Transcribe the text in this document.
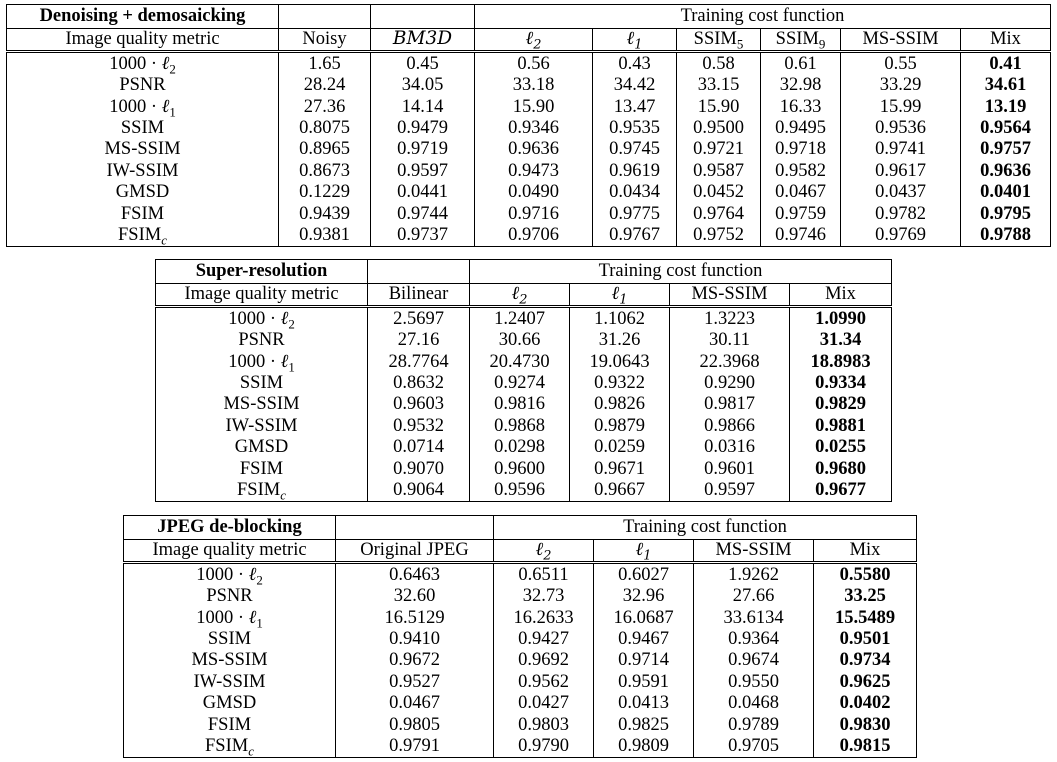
Denoising + demosaicking			Training cost function					
Image quality metric	Noisy	BM3D	ℓ$_2$	ℓ$_1$	$SSIM_5$	$SSIM_9$	MS-SSIM	Mix
1000 · ℓ$_2$	1.65	0.45	0.56	0.43	0.58	0.61	0.55	0.41
PSNR	28.24	34.05	33.18	34.42	33.15	32.98	33.29	34.61
1000 · ℓ$_1$	27.36	14.14	15.90	13.47	15.90	16.33	15.99	13.19
SSIM	0.8075	0.9479	0.9346	0.9535	0.9500	0.9495	0.9536	0.9564
MS-SSIM	0.8965	0.9719	0.9636	0.9745	0.9721	0.9718	0.9741	0.9757
IW-SSIM	0.8673	0.9597	0.9473	0.9619	0.9587	0.9582	0.9617	0.9636
GMSD	0.1229	0.0441	0.0490	0.0434	0.0452	0.0467	0.0437	0.0401
FSIM	0.9439	0.9744	0.9716	0.9775	0.9764	0.9759	0.9782	0.9795
$FSIM_c$	0.9381	0.9737	0.9706	0.9767	0.9752	0.9746	0.9769	0.9788
Super-resolution		Training cost function			
Image quality metric	Bilinear	ℓ$_2$	ℓ$_1$	MS-SSIM	Mix
1000 · ℓ$_2$	2.5697	1.2407	1.1062	1.3223	1.0990
PSNR	27.16	30.66	31.26	30.11	31.34
1000 · ℓ$_1$	28.7764	20.4730	19.0643	22.3968	18.8983
SSIM	0.8632	0.9274	0.9322	0.9290	0.9334
MS-SSIM	0.9603	0.9816	0.9826	0.9817	0.9829
IW-SSIM	0.9532	0.9868	0.9879	0.9866	0.9881
GMSD	0.0714	0.0298	0.0259	0.0316	0.0255
FSIM	0.9070	0.9600	0.9671	0.9601	0.9680
$FSIM_c$	0.9064	0.9596	0.9667	0.9597	0.9677
JPEG de-blocking		Training cost function			
Image quality metric	Original JPEG	ℓ$_2$	ℓ$_1$	MS-SSIM	Mix
1000 · ℓ$_2$	0.6463	0.6511	0.6027	1.9262	0.5580
PSNR	32.60	32.73	32.96	27.66	33.25
1000 · ℓ$_1$	16.5129	16.2633	16.0687	33.6134	15.5489
SSIM	0.9410	0.9427	0.9467	0.9364	0.9501
MS-SSIM	0.9672	0.9692	0.9714	0.9674	0.9734
IW-SSIM	0.9527	0.9562	0.9591	0.9550	0.9625
GMSD	0.0467	0.0427	0.0413	0.0468	0.0402
FSIM	0.9805	0.9803	0.9825	0.9789	0.9830
$FSIM_c$	0.9791	0.9790	0.9809	0.9705	0.9815
